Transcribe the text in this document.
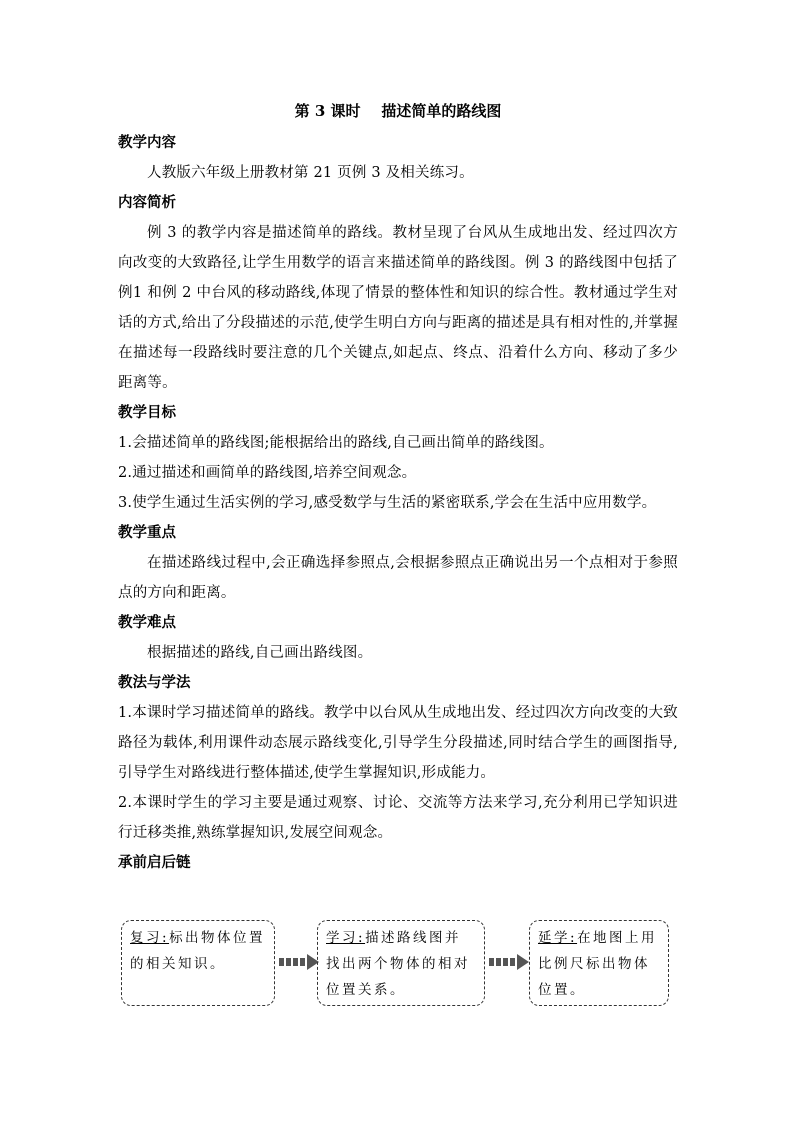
第 3 课时    描述简单的路线图

教学内容

人教版六年级上册教材第 21 页例 3 及相关练习。

内容简析

例 3 的教学内容是描述简单的路线。教材呈现了台风从生成地出发、经过四次方向改变的大致路径,让学生用数学的语言来描述简单的路线图。例 3 的路线图中包括了例1 和例 2 中台风的移动路线,体现了情景的整体性和知识的综合性。教材通过学生对话的方式,给出了分段描述的示范,使学生明白方向与距离的描述是具有相对性的,并掌握在描述每一段路线时要注意的几个关键点,如起点、终点、沿着什么方向、移动了多少距离等。

教学目标

1.会描述简单的路线图;能根据给出的路线,自己画出简单的路线图。

2.通过描述和画简单的路线图,培养空间观念。

3.使学生通过生活实例的学习,感受数学与生活的紧密联系,学会在生活中应用数学。

教学重点

在描述路线过程中,会正确选择参照点,会根据参照点正确说出另一个点相对于参照点的方向和距离。

教学难点

根据描述的路线,自己画出路线图。

教法与学法

1.本课时学习描述简单的路线。教学中以台风从生成地出发、经过四次方向改变的大致路径为载体,利用课件动态展示路线变化,引导学生分段描述,同时结合学生的画图指导,引导学生对路线进行整体描述,使学生掌握知识,形成能力。

2.本课时学生的学习主要是通过观察、讨论、交流等方法来学习,充分利用已学知识进行迁移类推,熟练掌握知识,发展空间观念。

承前启后链

复习:标出物体位置的相关知识。
学习:描述路线图并找出两个物体的相对位置关系。
延学:在地图上用比例尺标出物体位置。
